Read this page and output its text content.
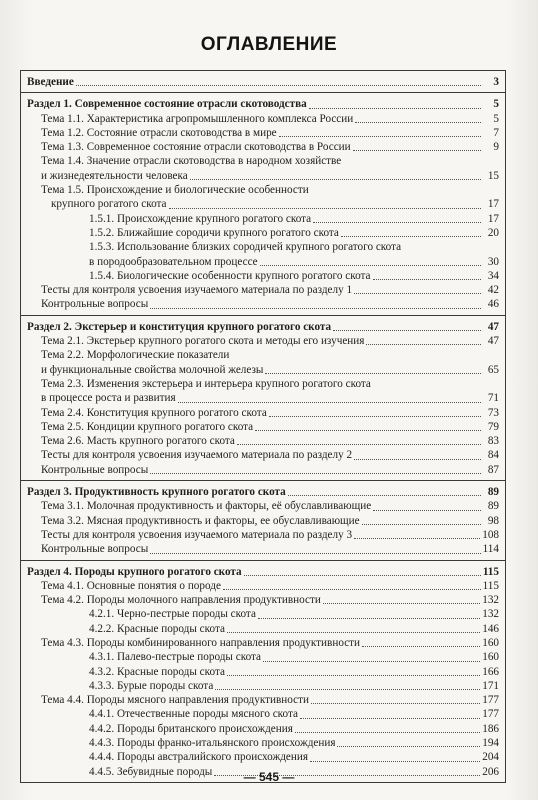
ОГЛАВЛЕНИЕ
Введение	3
Раздел 1. Современное состояние отрасли скотоводства	5
Тема 1.1. Характеристика агропромышленного комплекса России	5
Тема 1.2. Состояние отрасли скотоводства в мире	7
Тема 1.3. Современное состояние отрасли скотоводства в России	9
Тема 1.4. Значение отрасли скотоводства в народном хозяйстве
и жизнедеятельности человека	15
Тема 1.5. Происхождение и биологические особенности
крупного рогатого скота	17
1.5.1. Происхождение крупного рогатого скота	17
1.5.2. Ближайшие сородичи крупного рогатого скота	20
1.5.3. Использование близких сородичей крупного рогатого скота
в породообразовательном процессе	30
1.5.4. Биологические особенности крупного рогатого скота	34
Тесты для контроля усвоения изучаемого материала по разделу 1	42
Контрольные вопросы	46
Раздел 2. Экстерьер и конституция крупного рогатого скота	47
Тема 2.1. Экстерьер крупного рогатого скота и методы его изучения	47
Тема 2.2. Морфологические показатели
и функциональные свойства молочной железы	65
Тема 2.3. Изменения экстерьера и интерьера крупного рогатого скота
в процессе роста и развития	71
Тема 2.4. Конституция крупного рогатого скота	73
Тема 2.5. Кондиции крупного рогатого скота	79
Тема 2.6. Масть крупного рогатого скота	83
Тесты для контроля усвоения изучаемого материала по разделу 2	84
Контрольные вопросы	87
Раздел 3. Продуктивность крупного рогатого скота	89
Тема 3.1. Молочная продуктивность и факторы, её обуславливающие	89
Тема 3.2. Мясная продуктивность и факторы, ее обуславливающие	98
Тесты для контроля усвоения изучаемого материала по разделу 3	108
Контрольные вопросы	114
Раздел 4. Породы крупного рогатого скота	115
Тема 4.1. Основные понятия о породе	115
Тема 4.2. Породы молочного направления продуктивности	132
4.2.1. Черно-пестрые породы скота	132
4.2.2. Красные породы скота	146
Тема 4.3. Породы комбинированного направления продуктивности	160
4.3.1. Палево-пестрые породы скота	160
4.3.2. Красные породы скота	166
4.3.3. Бурые породы скота	171
Тема 4.4. Породы мясного направления продуктивности	177
4.4.1. Отечественные породы мясного скота	177
4.4.2. Породы британского происхождения	186
4.4.3. Породы франко-итальянского происхождения	194
4.4.4. Породы австралийского происхождения	204
4.4.5. Зебувидные породы	206
— 545 —
